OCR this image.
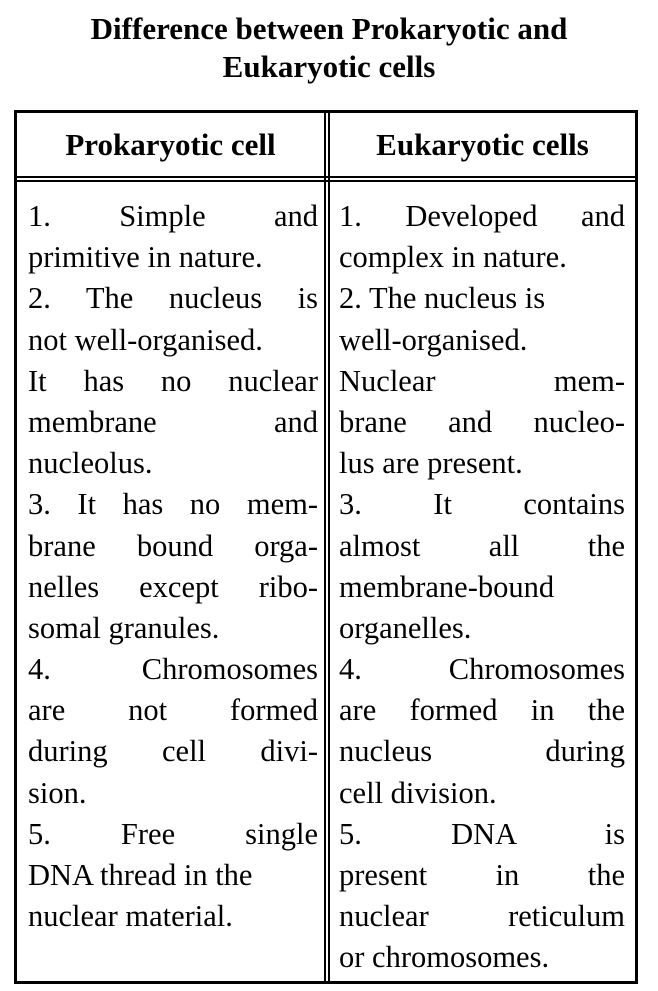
Difference between Prokaryotic and
Eukaryotic cells
Prokaryotic cell	Eukaryotic cells
1. Simple and
primitive in nature.
2. The nucleus is
not well-organised.
It has no nuclear
membrane and
nucleolus.
3. It has no mem-
brane bound orga-
nelles except ribo-
somal granules.
4. Chromosomes
are not formed
during cell divi-
sion.
5. Free single
DNA thread in the
nuclear material.
1. Developed and
complex in nature.
2. The nucleus is
well-organised.
Nuclear mem-
brane and nucleo-
lus are present.
3. It contains
almost all the
membrane-bound
organelles.
4. Chromosomes
are formed in the
nucleus during
cell division.
5. DNA is
present in the
nuclear reticulum
or chromosomes.
